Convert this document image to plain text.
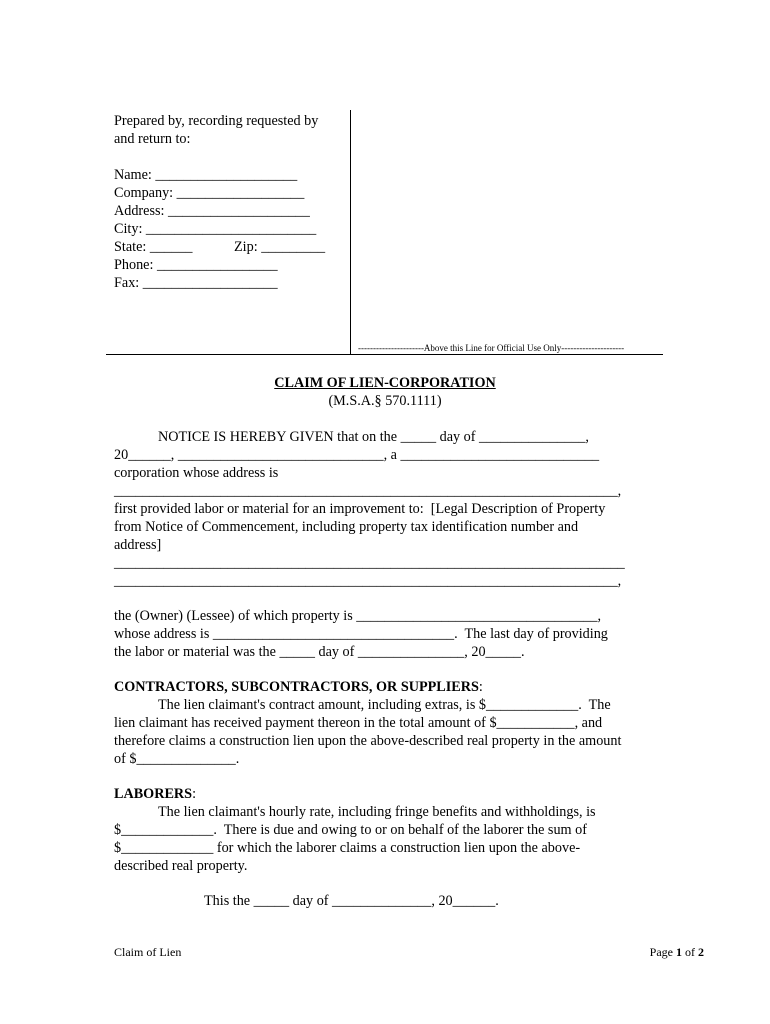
Prepared by, recording requested by
and return to:
Name: ____________________
Company: __________________
Address: ____________________
City: ________________________
State: ______	Zip: _________
Phone: _________________
Fax: ___________________
----------------------Above this Line for Official Use Only---------------------
CLAIM OF LIEN-CORPORATION
(M.S.A.§ 570.1111)
NOTICE IS HEREBY GIVEN that on the _____ day of _______________,
20______, _____________________________, a ____________________________
corporation whose address is
_______________________________________________________________________,
first provided labor or material for an improvement to:  [Legal Description of Property
from Notice of Commencement, including property tax identification number and
address]
________________________________________________________________________
_______________________________________________________________________,
the (Owner) (Lessee) of which property is __________________________________,
whose address is __________________________________.  The last day of providing
the labor or material was the _____ day of _______________, 20_____.
CONTRACTORS, SUBCONTRACTORS, OR SUPPLIERS:
The lien claimant's contract amount, including extras, is $_____________.  The
lien claimant has received payment thereon in the total amount of $___________, and
therefore claims a construction lien upon the above-described real property in the amount
of $______________.
LABORERS:
The lien claimant's hourly rate, including fringe benefits and withholdings, is
$_____________.  There is due and owing to or on behalf of the laborer the sum of
$_____________ for which the laborer claims a construction lien upon the above-
described real property.
This the _____ day of ______________, 20______.
Claim of Lien	Page 1 of 2
